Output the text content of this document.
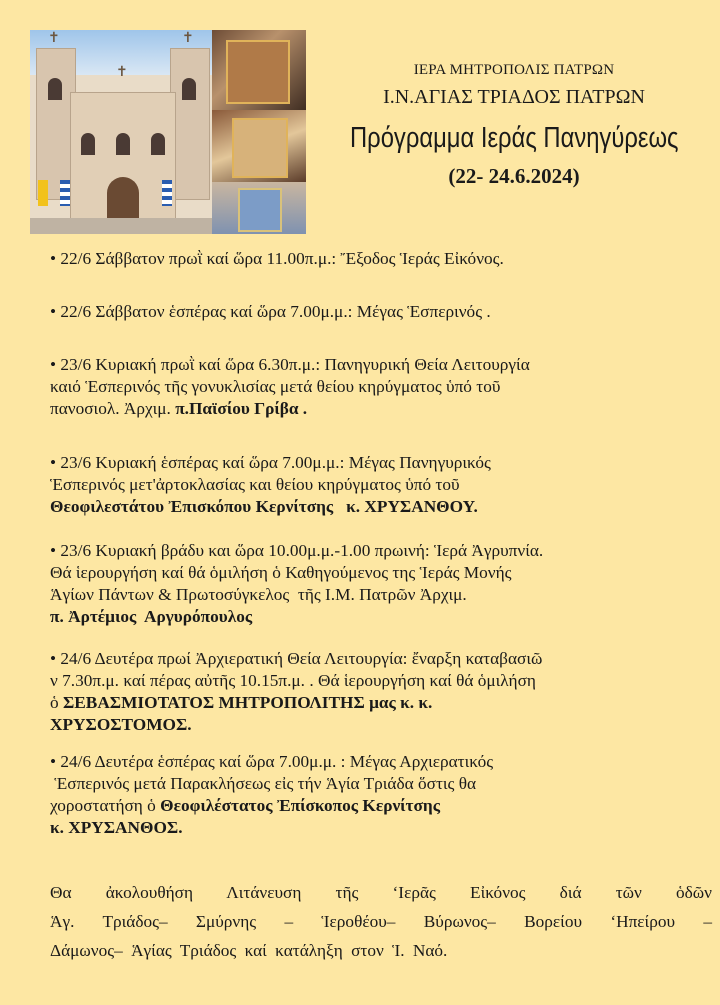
✝	✝
✝	ΙΕΡΑ ΜΗΤΡΟΠΟΛΙΣ ΠΑΤΡΩΝ
Ι.Ν.ΑΓΙΑΣ ΤΡΙΑΔΟΣ ΠΑΤΡΩΝ
Πρόγραμμα Ιεράς Πανηγύρεως
(22- 24.6.2024)
• 22/6 Σάββατον πρωῒ καί ὥρα 11.00π.μ.: Ἔξοδος Ἱεράς Εἰκόνος.
• 22/6 Σάββατον ἑσπέρας καί ὥρα 7.00μ.μ.: Μέγας Ἑσπερινός .
• 23/6 Κυριακή πρωῒ καί ὥρα 6.30π.μ.: Πανηγυρική Θεία Λειτουργία
καιό Ἑσπερινός τῆς γονυκλισίας μετά θείου κηρύγματος ὑπό τοῦ
πανοσιολ. Ἀρχιμ. π.Παϊσίου Γρίβα .
• 23/6 Κυριακή ἑσπέρας καί ὥρα 7.00μ.μ.: Μέγας Πανηγυρικός
Ἑσπερινός μετ'ἀρτοκλασίας και θείου κηρύγματος ὑπό τοῦ
Θεοφιλεστάτου Ἐπισκόπου Κερνίτσης   κ. ΧΡΥΣΑΝΘΟΥ.
• 23/6 Κυριακή βράδυ και ὥρα 10.00μ.μ.-1.00 πρωινή: Ἱερά Ἀγρυπνία.
Θά ἱερουργήση καί θά ὁμιλήση ὁ Καθηγούμενος της Ἱεράς Μονής
Ἁγίων Πάντων & Πρωτοσύγκελος  τῆς Ι.Μ. Πατρῶν Ἀρχιμ.
π. Ἀρτέμιος  Αργυρόπουλος
• 24/6 Δευτέρα πρωί Ἀρχιερατική Θεία Λειτουργία: ἔναρξη καταβασιῶ
ν 7.30π.μ. καί πέρας αὐτῆς 10.15π.μ. . Θά ἱερουργήση καί θά ὁμιλήση
ὁ ΣΕΒΑΣΜΙΟΤΑΤΟΣ ΜΗΤΡΟΠΟΛΙΤΗΣ μας κ. κ.
ΧΡΥΣΟΣΤΟΜΟΣ.
• 24/6 Δευτέρα ἑσπέρας καί ὥρα 7.00μ.μ. : Μέγας Αρχιερατικός
Ἑσπερινός μετά Παρακλήσεως εἰς τήν Ἁγία Τριάδα ὅστις θα
χοροστατήση ὁ Θεοφιλέστατος Ἐπίσκοπος Κερνίτσης
κ. ΧΡΥΣΑΝΘΟΣ.
Θα ἀκολουθήση Λιτάνευση τῆς ‘Ιερᾶς Εἰκόνος διά τῶν ὁδῶν
Ἁγ. Τριάδος– Σμύρνης – Ἱεροθέου– Βύρωνος– Βορείου ‘Ηπείρου –
Δάμωνος– Ἁγίας Τριάδος καί κατάληξη στον Ἱ. Ναό.
